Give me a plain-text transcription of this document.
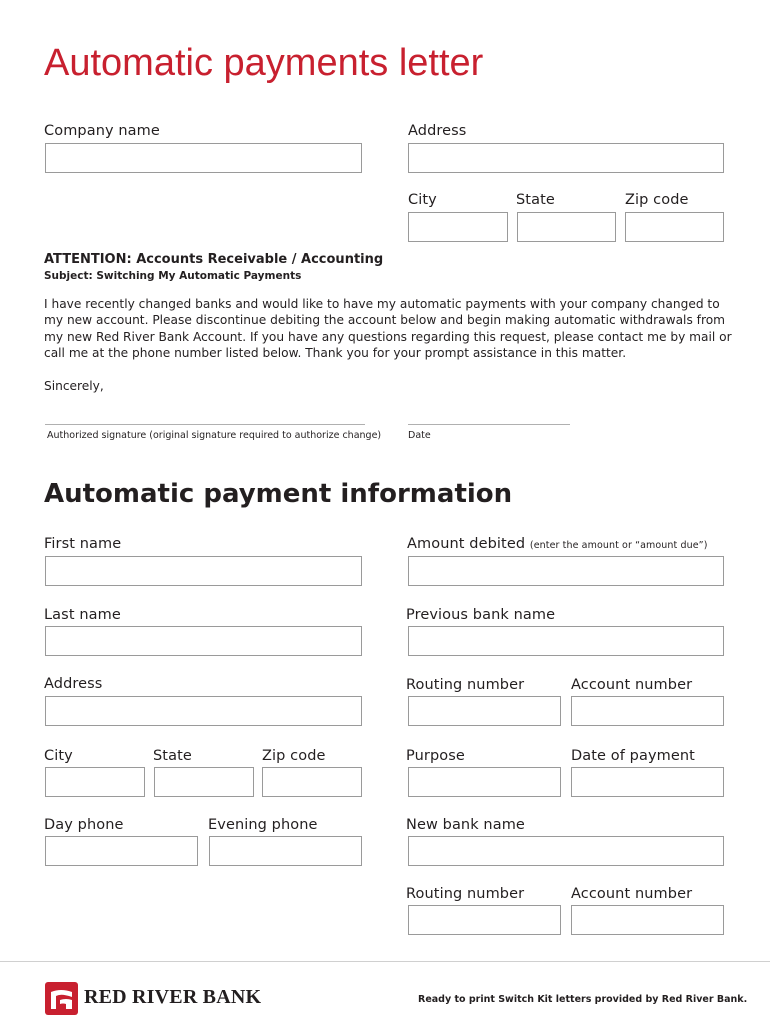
Automatic payments letter
Company name	Address
City	State	Zip code
ATTENTION: Accounts Receivable / Accounting
Subject: Switching My Automatic Payments
I have recently changed banks and would like to have my automatic payments with your company changed to my new account. Please discontinue debiting the account below and begin making automatic withdrawals from my new Red River Bank Account. If you have any questions regarding this request, please contact me by mail or call me at the phone number listed below. Thank you for your prompt assistance in this matter.
Sincerely,
Authorized signature (original signature required to authorize change)	Date
Automatic payment information
First name
Last name
Address
City	State	Zip code
Day phone	Evening phone
Amount debited (enter the amount or “amount due”)
Previous bank name
Routing number	Account number
Purpose	Date of payment
New bank name
Routing number	Account number
RED RIVER BANK	Ready to print Switch Kit letters provided by Red River Bank.
